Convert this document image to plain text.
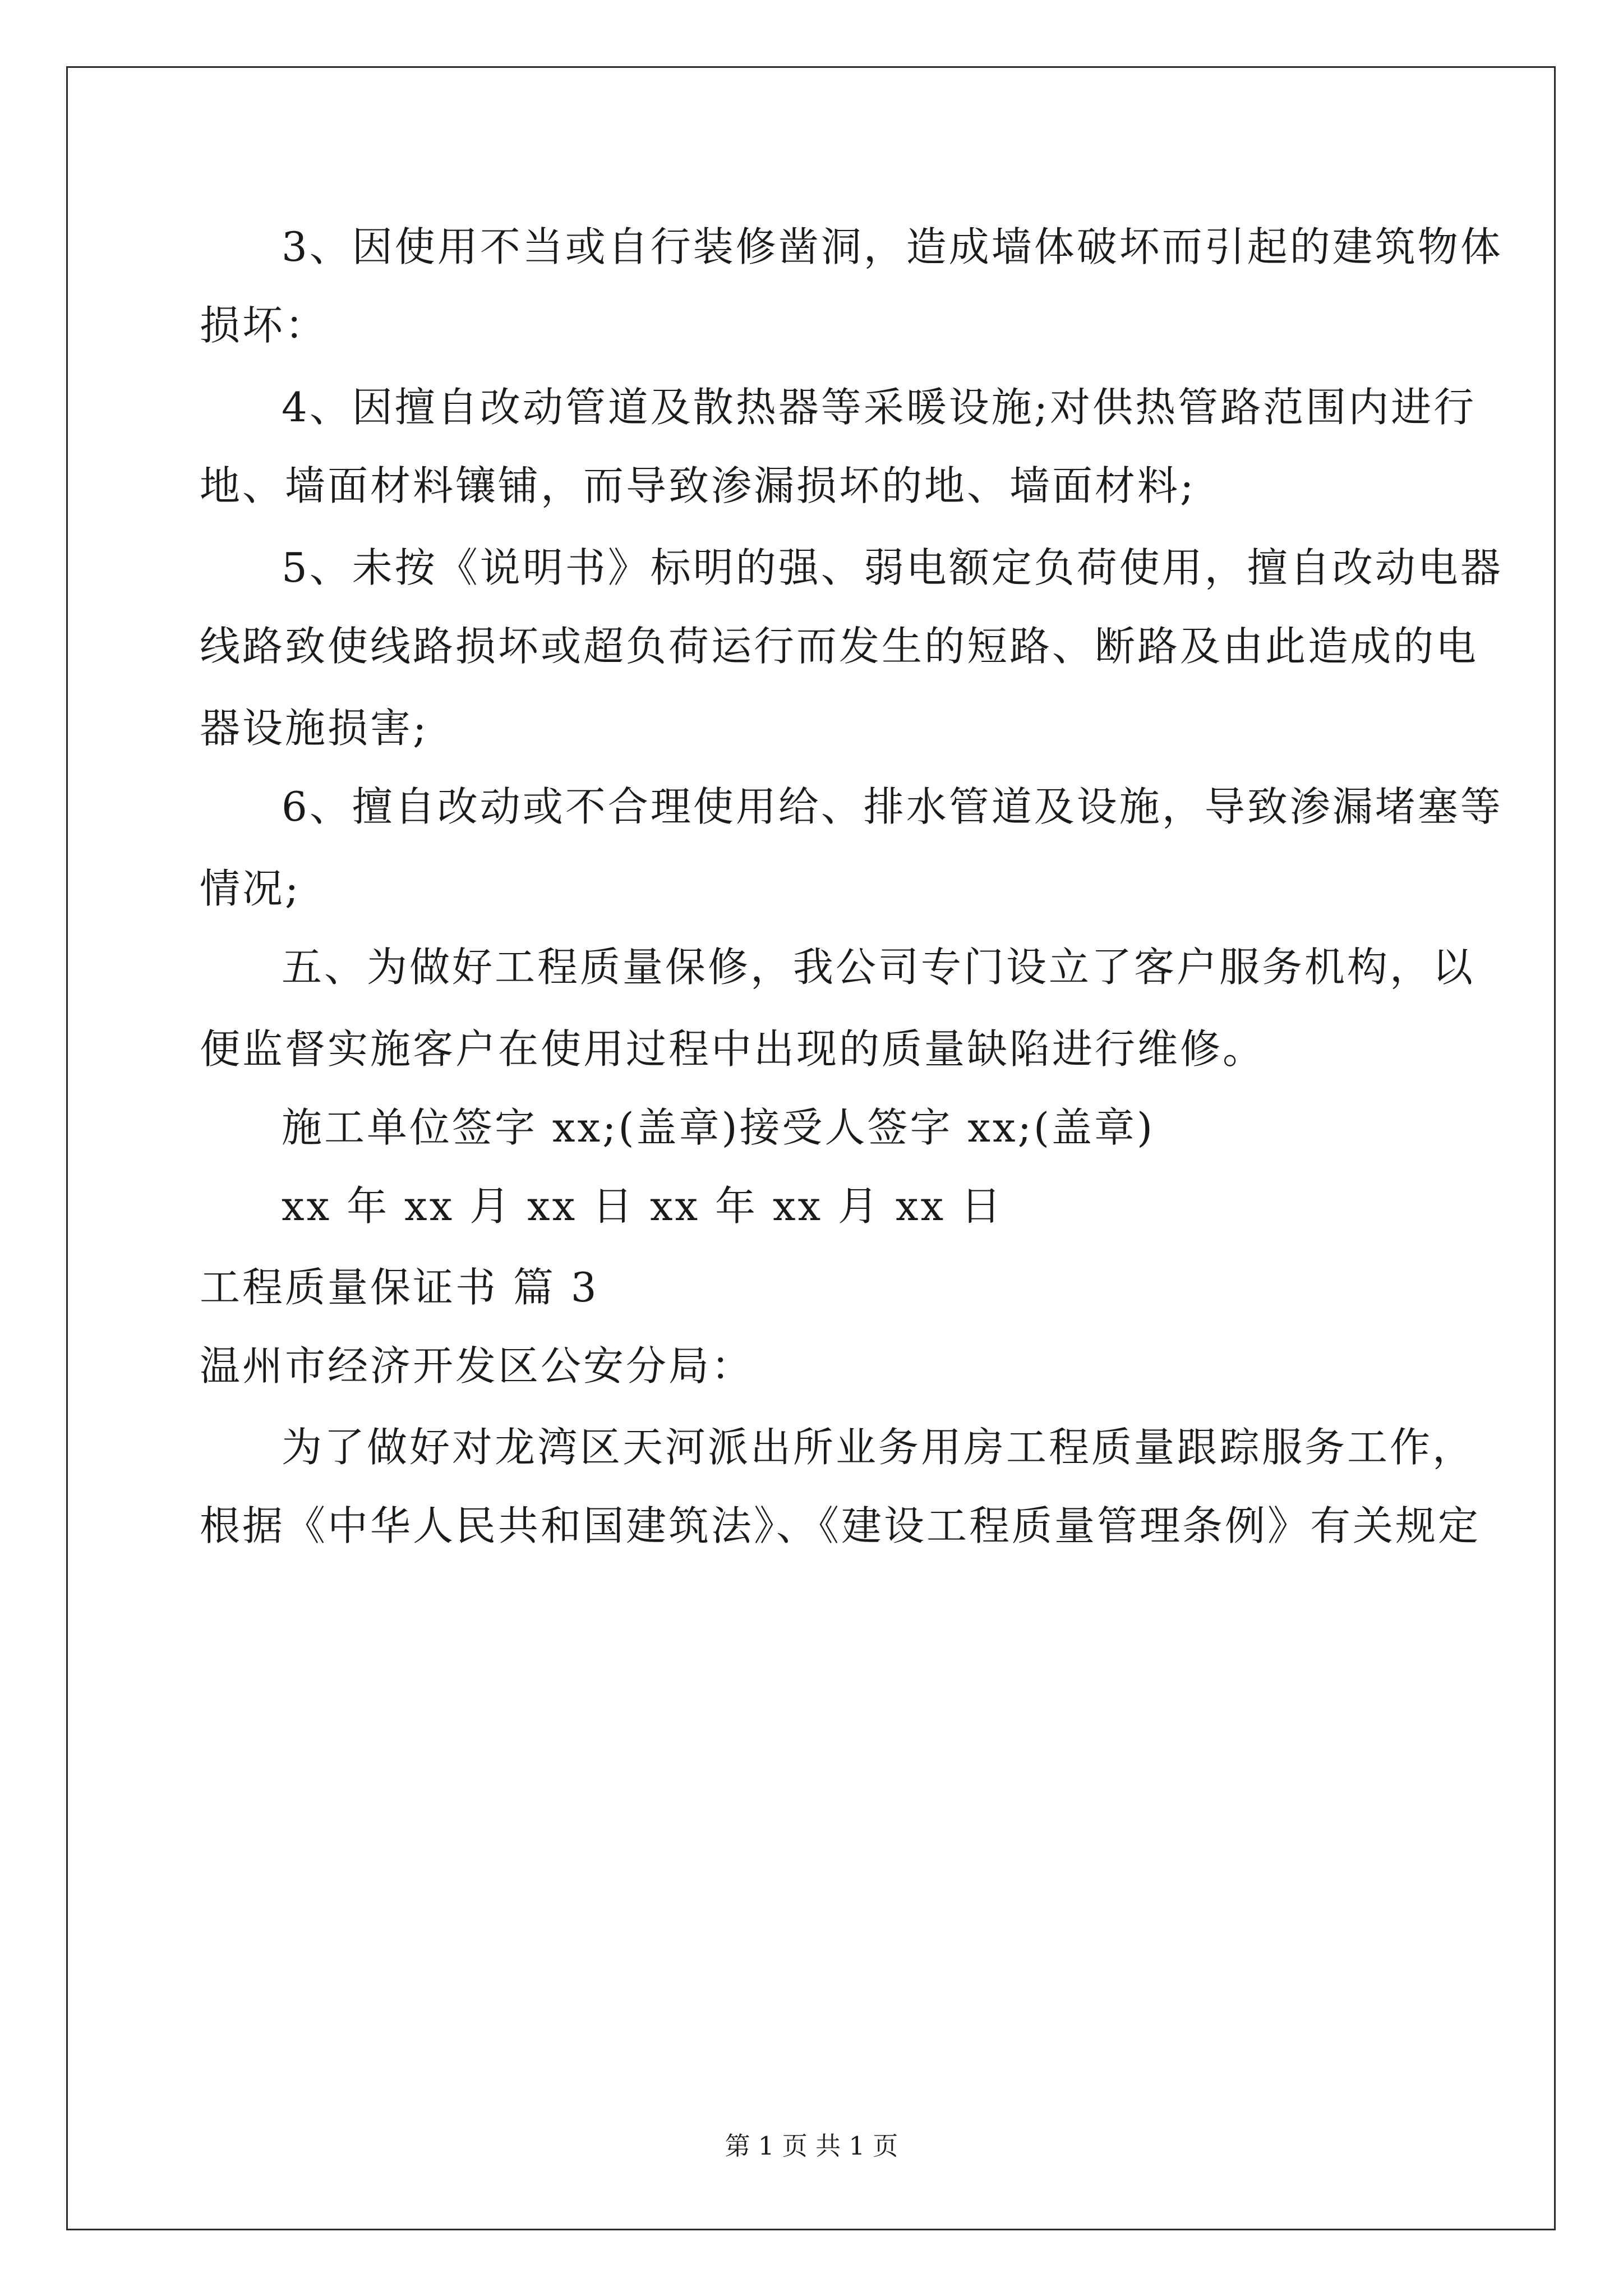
3、因使用不当或自行装修凿洞，造成墙体破坏而引起的建筑物体
损坏：
4、因擅自改动管道及散热器等采暖设施;对供热管路范围内进行
地、墙面材料镶铺，而导致渗漏损坏的地、墙面材料;
5、未按《说明书》标明的强、弱电额定负荷使用，擅自改动电器
线路致使线路损坏或超负荷运行而发生的短路、断路及由此造成的电
器设施损害;
6、擅自改动或不合理使用给、排水管道及设施，导致渗漏堵塞等
情况;
五、为做好工程质量保修，我公司专门设立了客户服务机构，以
便监督实施客户在使用过程中出现的质量缺陷进行维修。
施工单位签字 xx;(盖章)接受人签字 xx;(盖章)
xx 年 xx 月 xx 日 xx 年 xx 月 xx 日
工程质量保证书 篇 3
温州市经济开发区公安分局：
为了做好对龙湾区天河派出所业务用房工程质量跟踪服务工作，
根据《中华人民共和国建筑法》、《建设工程质量管理条例》有关规定
第 1 页 共 1 页
